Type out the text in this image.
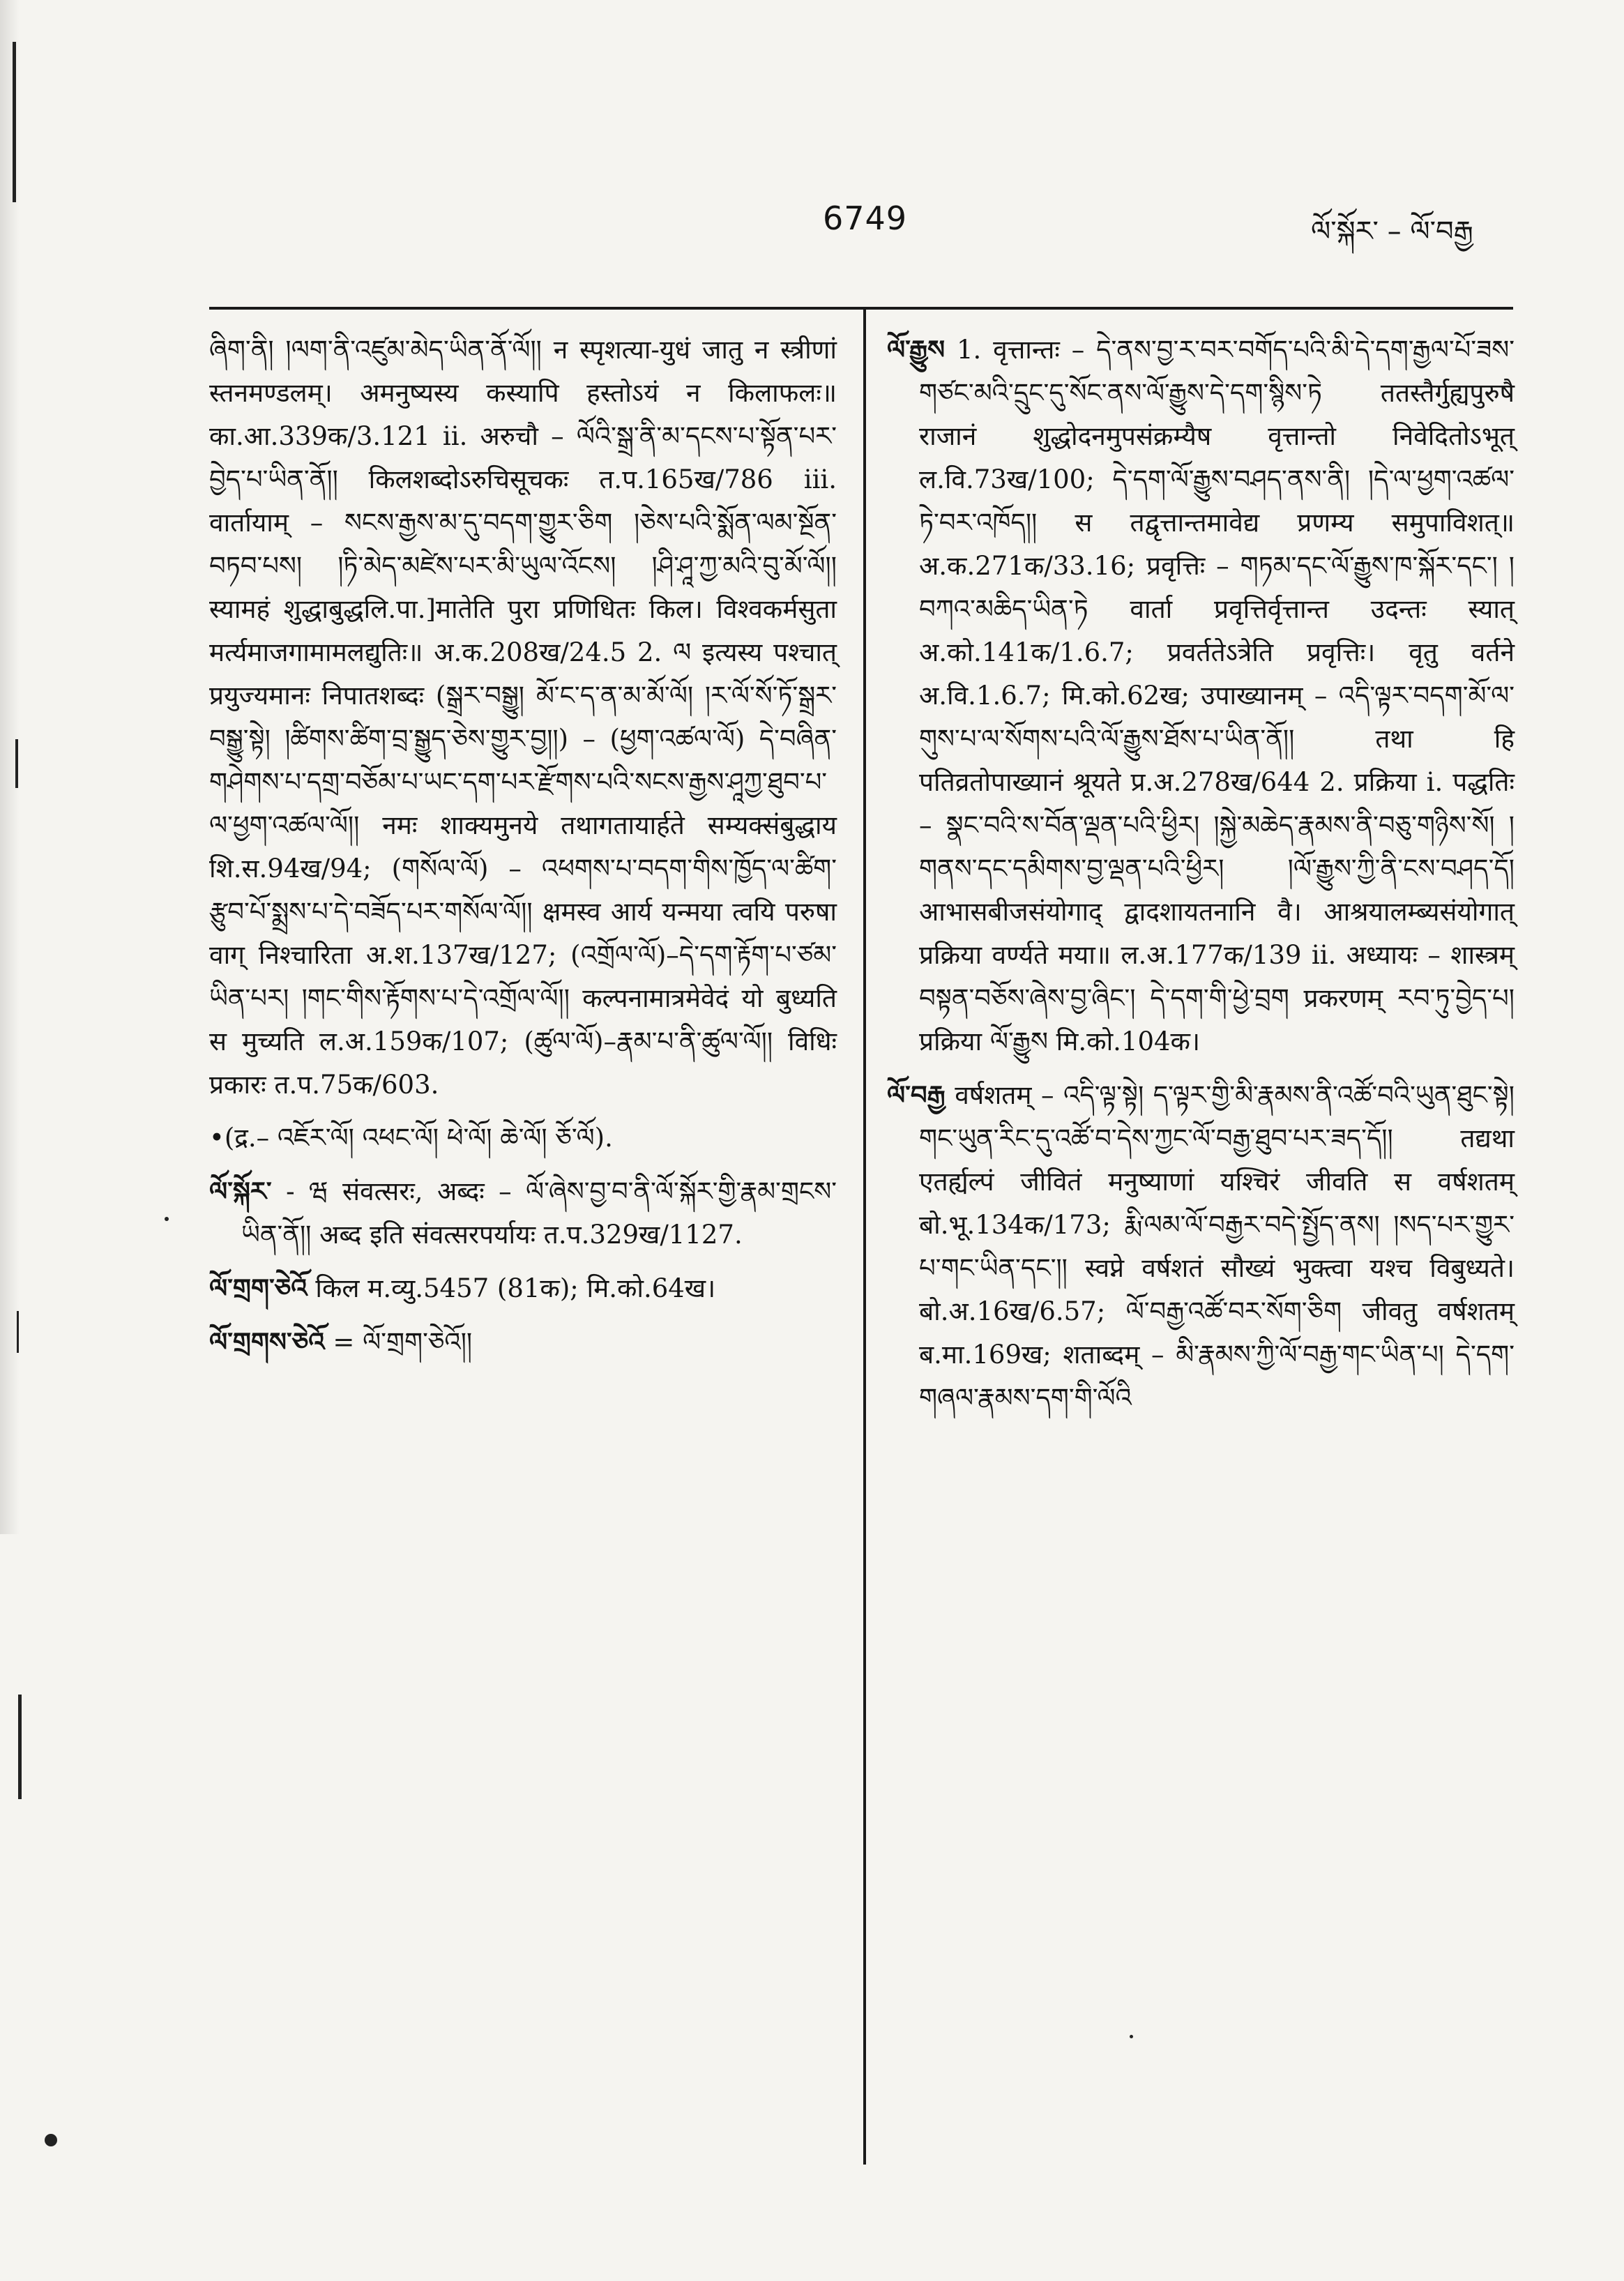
6749	ལོ་སྐོར་ – ལོ་བརྒྱ

ཞིག་ནི། །ལག་ནི་འཛུམ་མེད་ཡིན་ནོ་ལོ།། न स्पृशत्या-युधं जातु न स्त्रीणां स्तनमण्डलम्। अमनुष्यस्य कस्यापि हस्तोऽयं न किलाफलः॥ का.आ.339क/3.121 ii. अरुचौ – ལོའི་སྒྲ་ནི་མ་དངས་པ་སྟོན་པར་བྱེད་པ་ཡིན་ནོ།། किलशब्दोऽरुचिसूचकः त.प.165ख/786 iii. वार्तायाम् – སངས་རྒྱས་མ་དུ་བདག་གྱུར་ཅིག །ཅེས་པའི་སྨོན་ལམ་སྔོན་བཏབ་པས། །ཏི་མེད་མཛེས་པར་མི་ཡུལ་འོངས། །ཤི་ཤཱ་ཀྱ་མའི་བུ་མོ་ལོ།། स्यामहं शुद्धाबुद्धलि.पा.]मातेति पुरा प्रणिधितः किल। विश्वकर्मसुता मर्त्यमाजगामामलद्युतिः॥ अ.क.208ख/24.5 2. ལ इत्यस्य पश्चात् प्रयुज्यमानः निपातशब्दः (སྒྲར་བསྒྱུ། མོ་ང་ད་ན་མ་མོ་ལོ། །ར་ལོ་སོ་ཏོ་སྒྲར་བསྒྱུ་སྟེ། །ཚིགས་ཚིག་བྲ་སྒྱུད་ཅེས་གྱུར་བྱ།།) – (ཕྱག་འཚལ་ལོ) དེ་བཞིན་གཤེགས་པ་དགྲ་བཅོམ་པ་ཡང་དག་པར་རྫོགས་པའི་སངས་རྒྱས་ཤཱཀྱ་ཐུབ་པ་ལ་ཕྱག་འཚལ་ལོ།། नमः शाक्यमुनये तथागतायार्हते सम्यक्संबुद्धाय शि.स.94ख/94; (གསོལ་ལོ) – འཕགས་པ་བདག་གིས་ཁྱོད་ལ་ཚིག་རྩུབ་པོ་སྨྲས་པ་དེ་བཟོད་པར་གསོལ་ལོ།། क्षमस्व आर्य यन्मया त्वयि परुषा वाग् निश्चारिता अ.श.137ख/127; (འགྲོལ་ལོ)–དེ་དག་རྟོག་པ་ཙམ་ཡིན་པར། །གང་གིས་རྟོགས་པ་དེ་འགྲོལ་ལོ།། कल्पनामात्रमेवेदं यो बुध्यति स मुच्यति ल.अ.159क/107; (ཚུལ་ལོ)–རྣམ་པ་ནི་ཚུལ་ལོ།། विधिः प्रकारः त.प.75क/603.

•(द्र.– འཇོར་ལོ། འཕང་ལོ། ཕེ་ལོ། ཆེ་ལོ། ཅོ་ལོ).

ལོ་སྐོར་ - ཝ संवत्सरः, अब्दः – ལོ་ཞེས་བྱ་བ་ནི་ལོ་སྐོར་གྱི་རྣམ་གྲངས་ཡིན་ནོ།། अब्द इति संवत्सरपर्यायः त.प.329ख/1127.

ལོ་གྲག་ཅེའོ किल म.व्यु.5457 (81क); मि.को.64ख।

ལོ་གྲགས་ཅེའོ = ལོ་གྲག་ཅེའོ།།

ལོ་རྒྱུས 1. वृत्तान्तः – དེ་ནས་བྱ་ར་བར་བགོད་པའི་མི་དེ་དག་རྒྱལ་པོ་ཟས་གཙང་མའི་དྲུང་དུ་སོང་ནས་ལོ་རྒྱུས་དེ་དག་སྙིས་ཏེ ततस्तैर्गुह्यपुरुषै राजानं शुद्धोदनमुपसंक्रम्यैष वृत्तान्तो निवेदितोऽभूत् ल.वि.73ख/100; དེ་དག་ལོ་རྒྱུས་བཤད་ནས་ནི། །དེ་ལ་ཕྱག་འཚལ་ཏེ་བར་འཁོད།། स तद्वृत्तान्तमावेद्य प्रणम्य समुपाविशत्॥ अ.क.271क/33.16; प्रवृत्तिः – གཏམ་དང་ལོ་རྒྱུས་ཁ་སྐོར་དང་། །བཀའ་མཆིད་ཡིན་ཏེ वार्ता प्रवृत्तिर्वृत्तान्त उदन्तः स्यात् अ.को.141क/1.6.7; प्रवर्ततेऽत्रेति प्रवृत्तिः। वृतु वर्तने अ.वि.1.6.7; मि.को.62ख; उपाख्यानम् – འདི་ལྟར་བདག་མོ་ལ་གུས་པ་ལ་སོགས་པའི་ལོ་རྒྱུས་ཐོས་པ་ཡིན་ནོ།། तथा हि पतिव्रतोपाख्यानं श्रूयते प्र.अ.278ख/644 2. प्रक्रिया i. पद्धतिः – སྣང་བའི་ས་བོན་ལྡན་པའི་ཕྱིར། །སྐྱེ་མཆེད་རྣམས་ནི་བཅུ་གཉིས་སོ། །གནས་དང་དམིགས་བྱ་ལྡན་པའི་ཕྱིར། །ལོ་རྒྱུས་ཀྱི་ནི་ངས་བཤད་དོ། आभासबीजसंयोगाद् द्वादशायतनानि वै। आश्रयालम्ब्यसंयोगात् प्रक्रिया वर्ण्यते मया॥ ल.अ.177क/139 ii. अध्यायः – शास्त्रम् བསྟན་བཅོས་ཞེས་བྱ་ཞིང་། དེ་དག་གི་ཕྱེ་བྲག प्रकरणम् རབ་ཏུ་བྱེད་པ། प्रक्रिया ལོ་རྒྱུས मि.को.104क।

ལོ་བརྒྱ वर्षशतम् – འདི་ལྟ་སྟེ། ད་ལྟར་གྱི་མི་རྣམས་ནི་འཚོ་བའི་ཡུན་ཐུང་སྟེ། གང་ཡུན་རིང་དུ་འཚོ་བ་དེས་ཀྱང་ལོ་བརྒྱ་ཐུབ་པར་ཟད་དོ།། तद्यथा एतर्ह्यल्पं जीवितं मनुष्याणां यश्चिरं जीवति स वर्षशतम् बो.भू.134क/173; རྨི་ལམ་ལོ་བརྒྱར་བདེ་སྤྱོད་ནས། །སད་པར་གྱུར་པ་གང་ཡིན་དང་།། स्वप्ने वर्षशतं सौख्यं भुक्त्वा यश्च विबुध्यते। बो.अ.16ख/6.57; ལོ་བརྒྱ་འཚོ་བར་སོག་ཅིག जीवतु वर्षशतम् ब.मा.169ख; शताब्दम् – མི་རྣམས་ཀྱི་ལོ་བརྒྱ་གང་ཡིན་པ། དེ་དག་གཞལ་རྣམས་དག་གི་ལོའི
